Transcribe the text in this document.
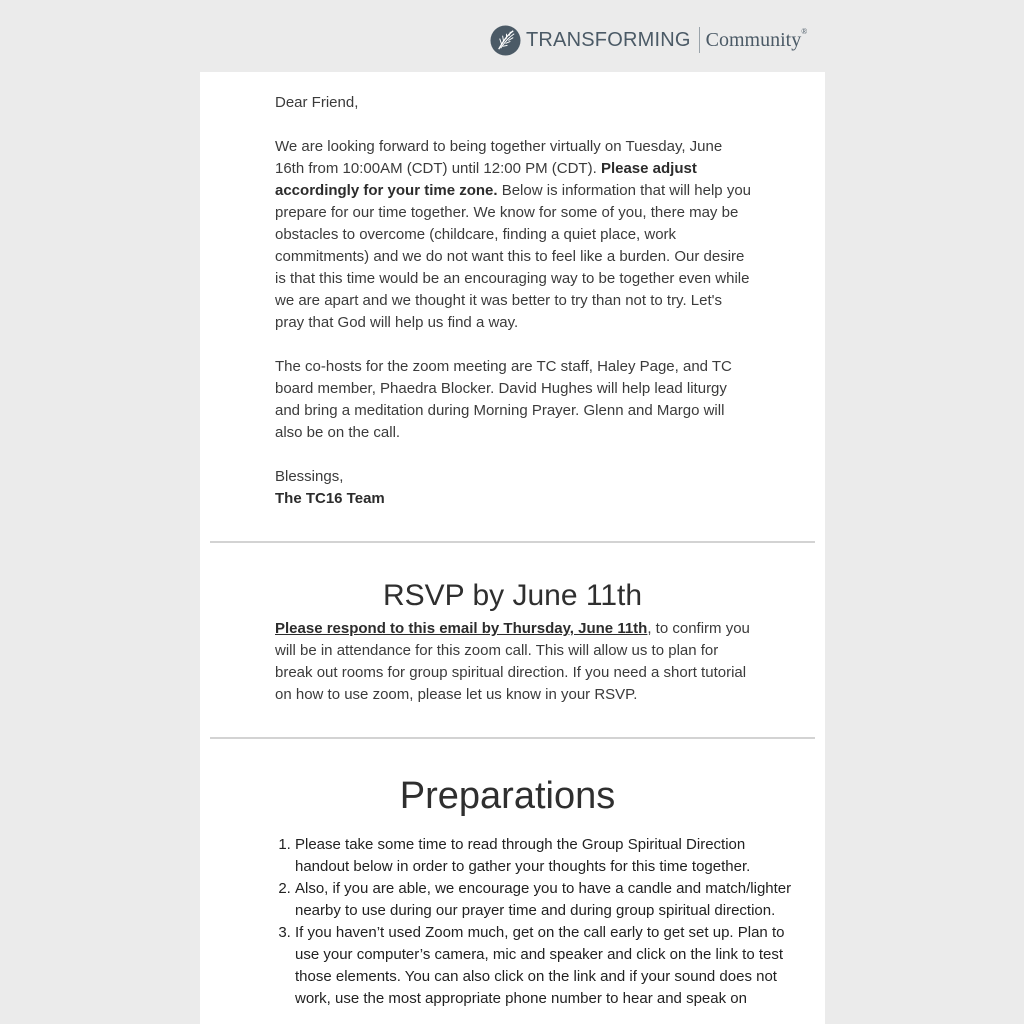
TRANSFORMING Community®

Dear Friend,

We are looking forward to being together virtually on Tuesday, June 16th from 10:00AM (CDT) until 12:00 PM (CDT). Please adjust accordingly for your time zone. Below is information that will help you prepare for our time together. We know for some of you, there may be obstacles to overcome (childcare, finding a quiet place, work commitments) and we do not want this to feel like a burden. Our desire is that this time would be an encouraging way to be together even while we are apart and we thought it was better to try than not to try. Let's pray that God will help us find a way.

The co-hosts for the zoom meeting are TC staff, Haley Page, and TC board member, Phaedra Blocker. David Hughes will help lead liturgy and bring a meditation during Morning Prayer. Glenn and Margo will also be on the call.

Blessings,
The TC16 Team

RSVP by June 11th

Please respond to this email by Thursday, June 11th, to confirm you will be in attendance for this zoom call. This will allow us to plan for break out rooms for group spiritual direction. If you need a short tutorial on how to use zoom, please let us know in your RSVP.

Preparations
1. Please take some time to read through the Group Spiritual Direction handout below in order to gather your thoughts for this time together.
2. Also, if you are able, we encourage you to have a candle and match/lighter nearby to use during our prayer time and during group spiritual direction.
3. If you haven’t used Zoom much, get on the call early to get set up. Plan to use your computer’s camera, mic and speaker and click on the link to test those elements. You can also click on the link and if your sound does not work, use the most appropriate phone number to hear and speak on
